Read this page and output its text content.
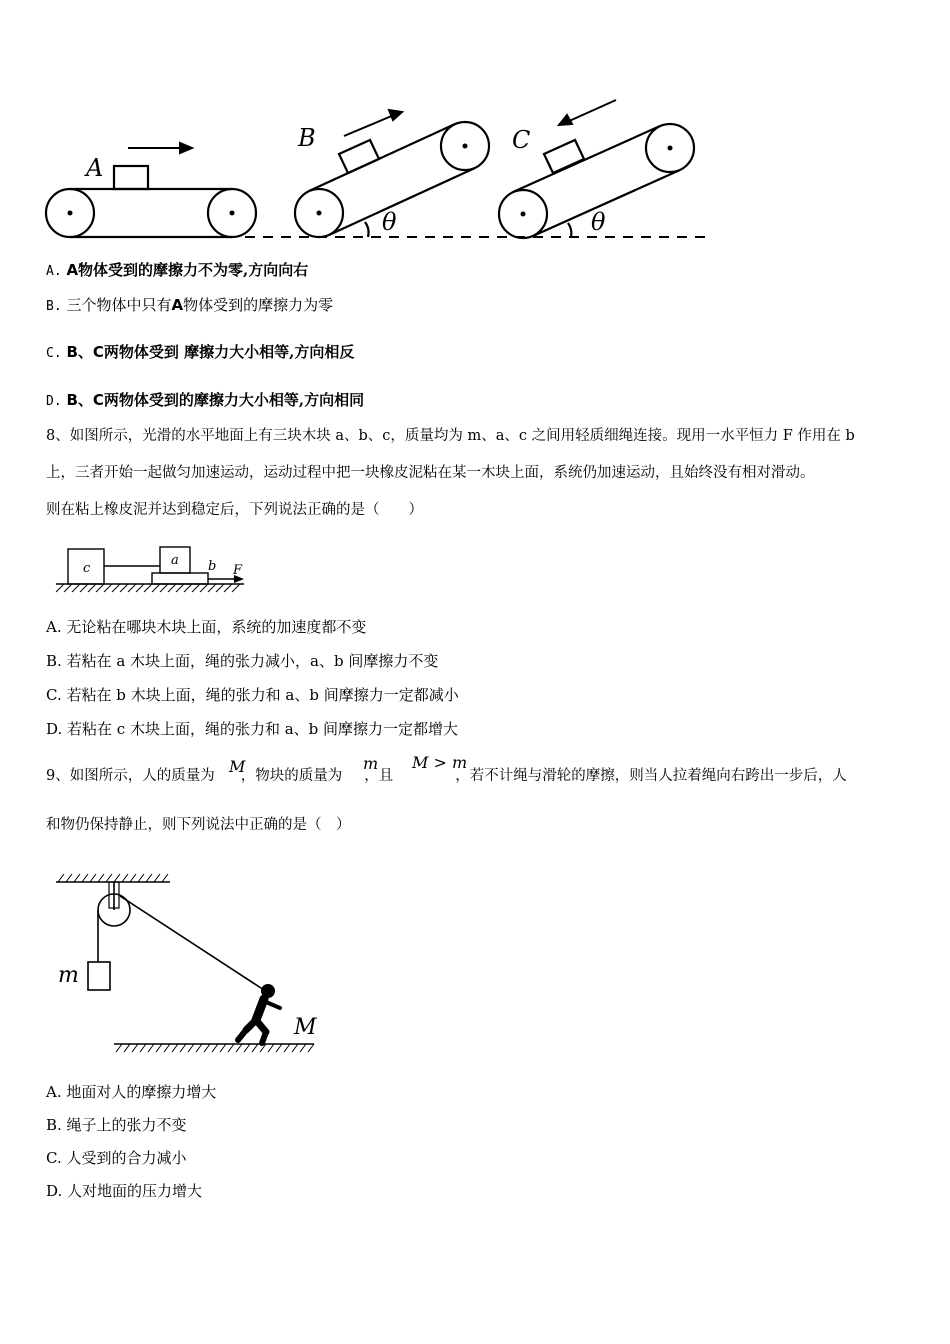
A
B	C
θ	θ
A. A物体受到的摩擦力不为零,方向向右
B. 三个物体中只有A物体受到的摩擦力为零
C. B、C两物体受到 摩擦力大小相等,方向相反
D. B、C两物体受到的摩擦力大小相等,方向相同
8、如图所示，光滑的水平地面上有三块木块 a、b、c，质量均为 m、a、c 之间用轻质细绳连接。现用一水平恒力 F 作用在 b
上，三者开始一起做匀加速运动，运动过程中把一块橡皮泥粘在某一木块上面，系统仍加速运动，且始终没有相对滑动。
则在粘上橡皮泥并达到稳定后，下列说法正确的是（　　）
c
a b F
A. 无论粘在哪块木块上面，系统的加速度都不变
B. 若粘在 a 木块上面，绳的张力减小，a、b 间摩擦力不变
C. 若粘在 b 木块上面，绳的张力和 a、b 间摩擦力一定都减小
D. 若粘在 c 木块上面，绳的张力和 a、b 间摩擦力一定都增大
9、如图所示，人的质量为 ，物块的质量为 ，且	，若不计绳与滑轮的摩擦，则当人拉着绳向右跨出一步后，人
M	m M > m
和物仍保持静止，则下列说法中正确的是（　）
m
M
A. 地面对人的摩擦力增大
B. 绳子上的张力不变
C. 人受到的合力减小
D. 人对地面的压力增大
